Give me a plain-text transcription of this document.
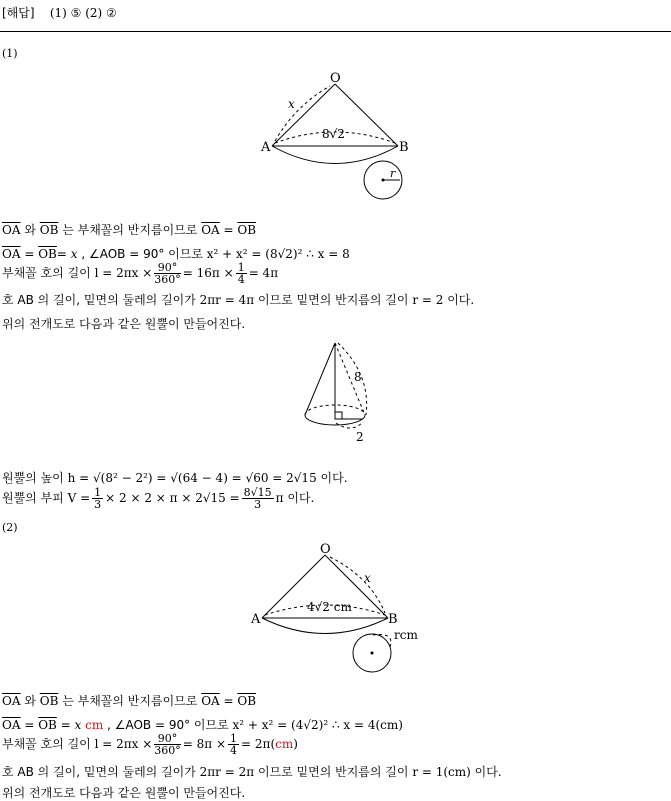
[해답] (1) ⑤ (2) ②
(1)
O
A	B
x
8√2
r
$\overline{OA}$ 와 $\overline{OB}$ 는 부채꼴의 반지름이므로 $\overline{OA} = \overline{OB}$
$\overline{OA} = \overline{OB}= x$ , ∠AOB = 90° 이므로 x² + x² = (8√2)² ∴ x = 8
부채꼴 호의 길이 $l = 2\pi x \times \frac{90^\circ}{360^\circ} = 16\pi \times \frac{1}{4} = 4\pi$
호 AB 의 길이, 밑면의 둘레의 길이가 2πr = 4π 이므로 밑면의 반지름의 길이 r = 2 이다.
위의 전개도로 다음과 같은 원뿔이 만들어진다.
8
2
원뿔의 높이 h = √(8² − 2²) = √(64 − 4) = √60 = 2√15 이다.
원뿔의 부피 $V = \frac{1}{3} \times 2 \times 2 \times \pi \times 2√15 = \frac{8√15}{3}$ π 이다.
(2)
O
A	B
x
4√2 cm
rcm
$\overline{OA}$ 와 $\overline{OB}$ 는 부채꼴의 반지름이므로 $\overline{OA} = \overline{OB}$
$\overline{OA} = \overline{OB} = x$ cm , ∠AOB = 90° 이므로 x² + x² = (4√2)² ∴ x = 4(cm)
부채꼴 호의 길이 $l = 2\pi x \times \frac{90^\circ}{360^\circ} = 8\pi \times \frac{1}{4} = 2\pi(cm)$
호 AB 의 길이, 밑면의 둘레의 길이가 2πr = 2π 이므로 밑면의 반지름의 길이 r = 1(cm) 이다.
위의 전개도로 다음과 같은 원뿔이 만들어진다.
